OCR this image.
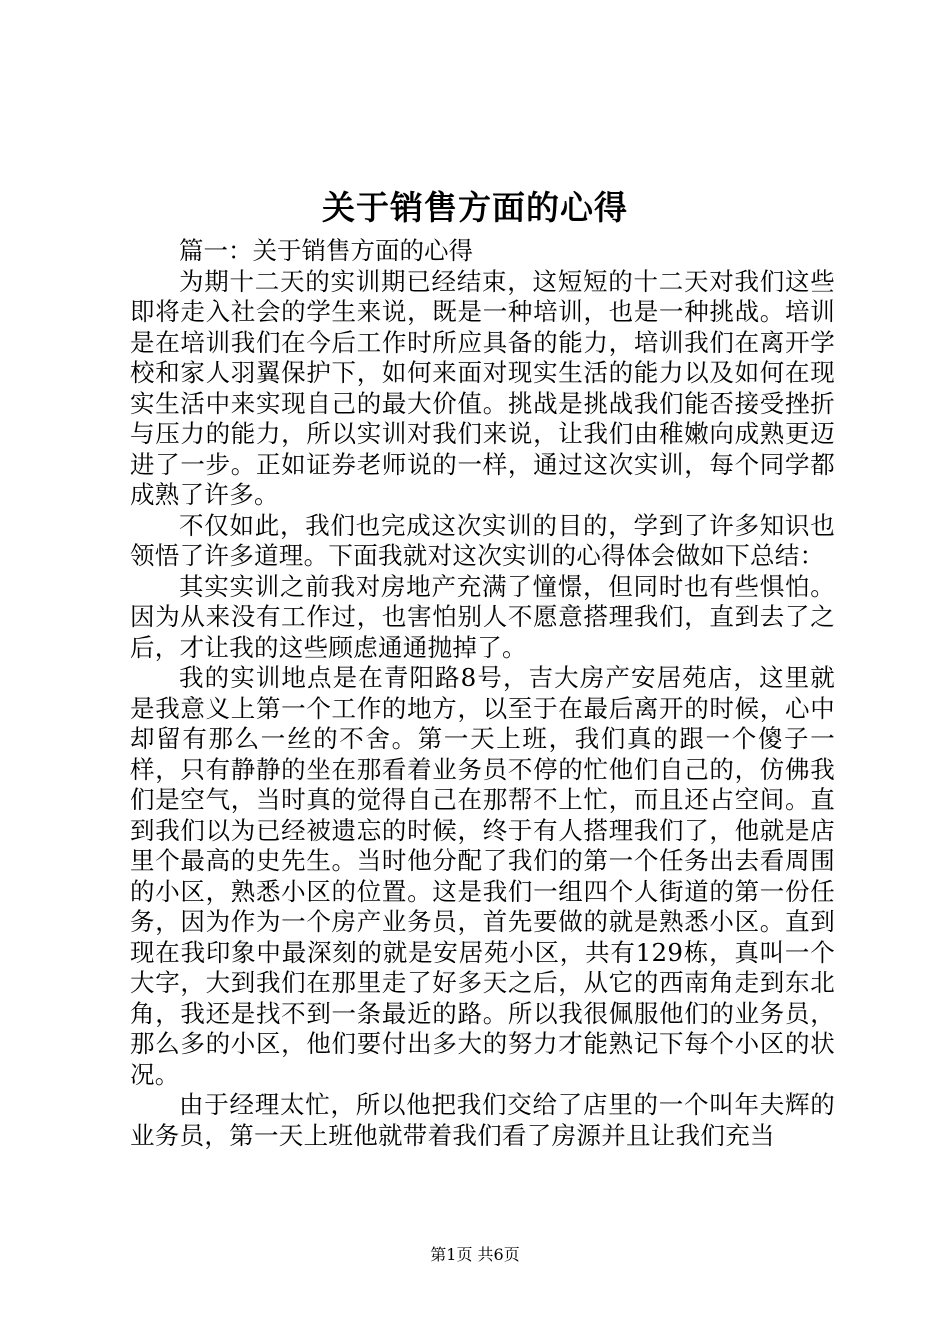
关于销售方面的心得

篇一：关于销售方面的心得

为期十二天的实训期已经结束，这短短的十二天对我们这些即将走入社会的学生来说，既是一种培训，也是一种挑战。培训是在培训我们在今后工作时所应具备的能力，培训我们在离开学校和家人羽翼保护下，如何来面对现实生活的能力以及如何在现实生活中来实现自己的最大价值。挑战是挑战我们能否接受挫折与压力的能力，所以实训对我们来说，让我们由稚嫩向成熟更迈进了一步。正如证券老师说的一样，通过这次实训，每个同学都成熟了许多。

不仅如此，我们也完成这次实训的目的，学到了许多知识也领悟了许多道理。下面我就对这次实训的心得体会做如下总结：

其实实训之前我对房地产充满了憧憬，但同时也有些惧怕。因为从来没有工作过，也害怕别人不愿意搭理我们，直到去了之后，才让我的这些顾虑通通抛掉了。

我的实训地点是在青阳路8号，吉大房产安居苑店，这里就是我意义上第一个工作的地方，以至于在最后离开的时候，心中却留有那么一丝的不舍。第一天上班，我们真的跟一个傻子一样，只有静静的坐在那看着业务员不停的忙他们自己的，仿佛我们是空气，当时真的觉得自己在那帮不上忙，而且还占空间。直到我们以为已经被遗忘的时候，终于有人搭理我们了，他就是店里个最高的史先生。当时他分配了我们的第一个任务出去看周围的小区，熟悉小区的位置。这是我们一组四个人街道的第一份任务，因为作为一个房产业务员，首先要做的就是熟悉小区。直到现在我印象中最深刻的就是安居苑小区，共有129栋，真叫一个大字，大到我们在那里走了好多天之后，从它的西南角走到东北角，我还是找不到一条最近的路。所以我很佩服他们的业务员，那么多的小区，他们要付出多大的努力才能熟记下每个小区的状况。

由于经理太忙，所以他把我们交给了店里的一个叫年夫辉的业务员，第一天上班他就带着我们看了房源并且让我们充当

第1页 共6页
